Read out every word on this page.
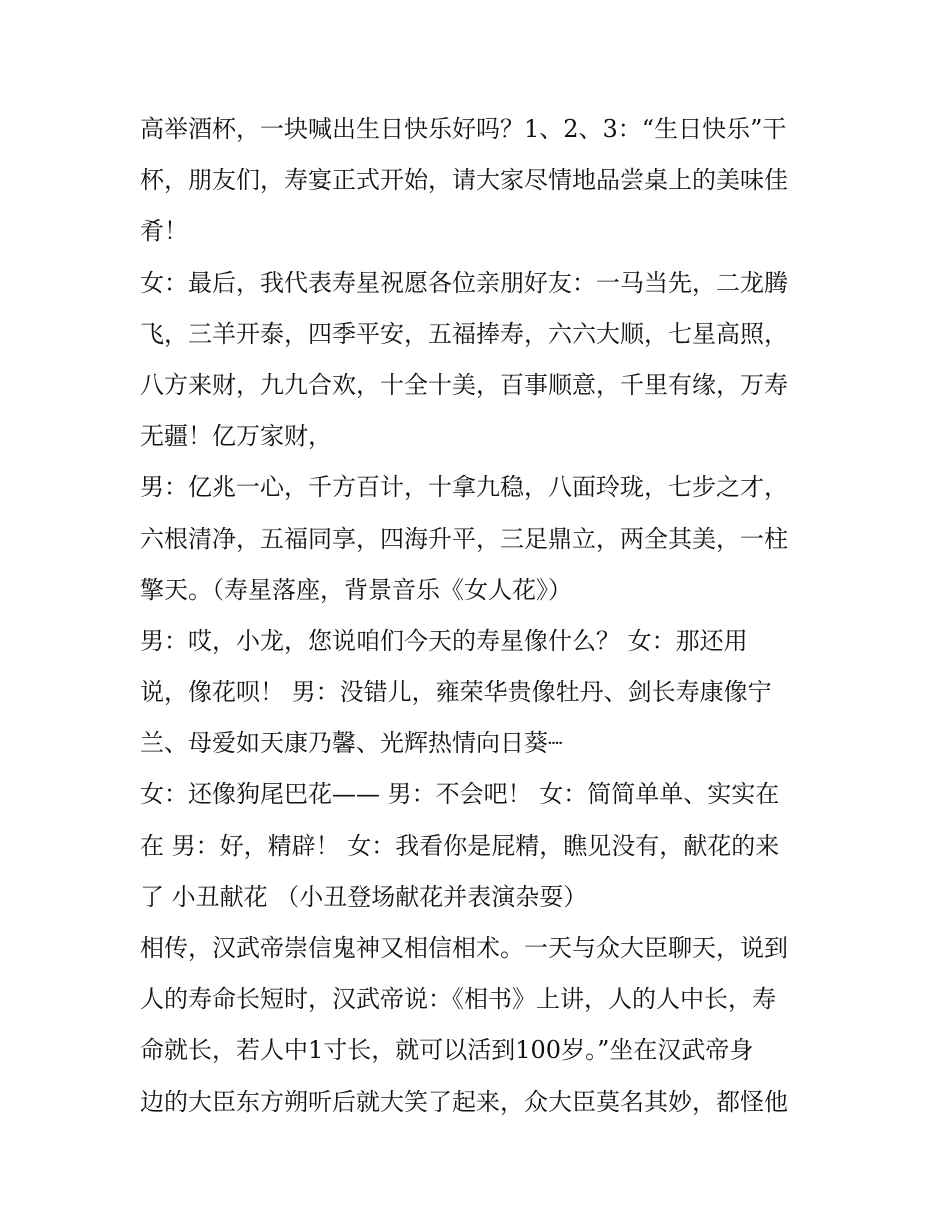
高举酒杯，一块喊出生日快乐好吗？1、2、3：“生日快乐”干
杯，朋友们，寿宴正式开始，请大家尽情地品尝桌上的美味佳
肴！
女：最后，我代表寿星祝愿各位亲朋好友：一马当先，二龙腾
飞，三羊开泰，四季平安，五福捧寿，六六大顺，七星高照，
八方来财，九九合欢，十全十美，百事顺意，千里有缘，万寿
无疆！亿万家财，
男：亿兆一心，千方百计，十拿九稳，八面玲珑，七步之才，
六根清净，五福同享，四海升平，三足鼎立，两全其美，一柱
擎天。（寿星落座，背景音乐《女人花》）
男：哎，小龙，您说咱们今天的寿星像什么？ 女：那还用
说，像花呗！ 男：没错儿，雍荣华贵像牡丹、剑长寿康像宁
兰、母爱如天康乃馨、光辉热情向日葵┈
女：还像狗尾巴花—— 男：不会吧！ 女：简简单单、实实在
在 男：好，精辟！ 女：我看你是屁精，瞧见没有，献花的来
了 小丑献花 （小丑登场献花并表演杂耍）
相传，汉武帝崇信鬼神又相信相术。一天与众大臣聊天，说到
人的寿命长短时，汉武帝说：《相书》上讲，人的人中长，寿
命就长，若人中1寸长，就可以活到100岁。”坐在汉武帝身
边的大臣东方朔听后就大笑了起来，众大臣莫名其妙，都怪他
